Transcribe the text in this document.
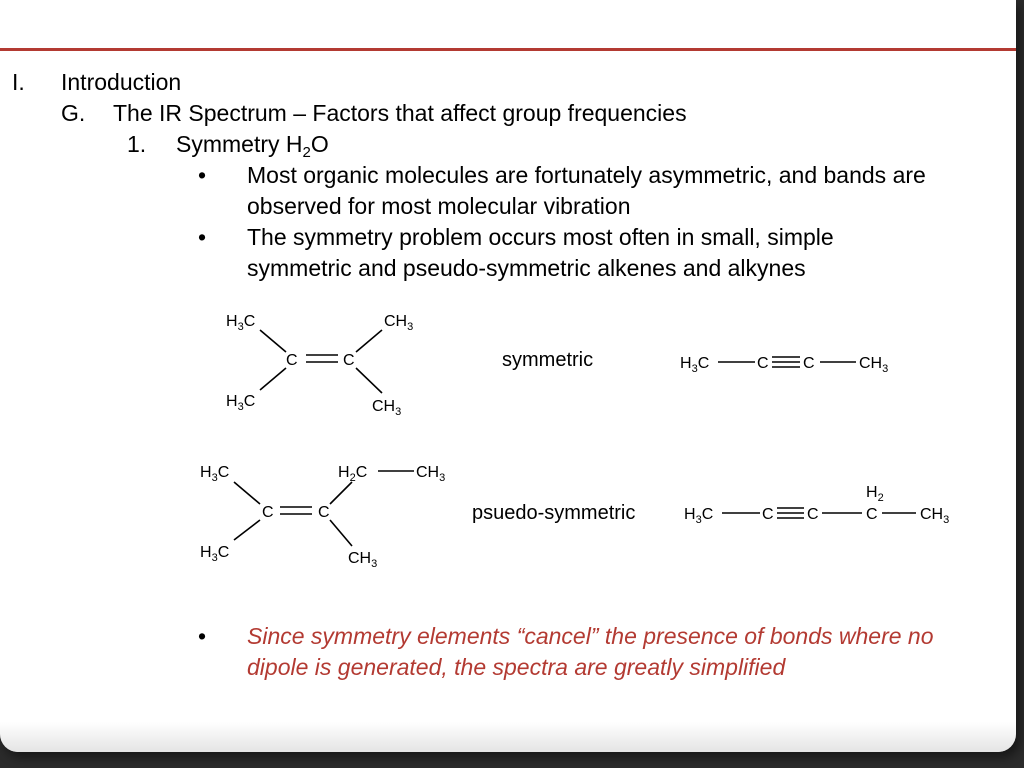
I. Introduction
G. The IR Spectrum – Factors that affect group frequencies
1. Symmetry $H_2O$
• Most organic molecules are fortunately asymmetric, and bands are
observed for most molecular vibration
• The symmetry problem occurs most often in small, simple
symmetric and pseudo-symmetric alkenes and alkynes
$H_3C$
$H_3C$
C	C
$CH_3$
$CH_3$
symmetric	$H_3C$	C C	$CH_3$
$H_3C$
$H_3C$
C	C
$H_2C$	$CH_3$
$CH_3$
psuedo-symmetric	$H_3C$	C C
$H_2$
C	$CH_3$
• Since symmetry elements “cancel” the presence of bonds where no
dipole is generated, the spectra are greatly simplified
